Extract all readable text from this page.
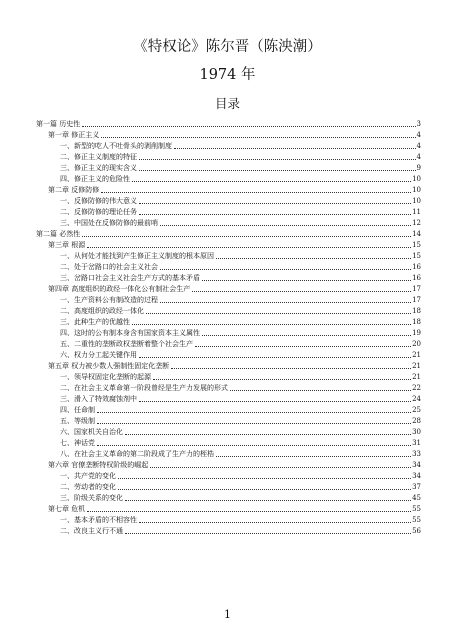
《特权论》陈尔晋（陈泱潮）
1974 年
目录
第一篇 历史性	3
第一章 修正主义	4
一、新型的吃人不吐骨头的剥削制度	4
二、修正主义制度的特征	4
三、修正主义的现实含义	9
四、修正主义的危险性	10
第二章 反修防修	10
一、反修防修的伟大意义	10
二、反修防修的理论任务	11
三、中国处在反修防修的最前哨	12
第二篇 必然性	14
第三章 根源	15
一、从何处才能找到产生修正主义制度的根本原因	15
二、处于岔路口的社会主义社会	16
三、岔路口社会主义社会生产方式的基本矛盾	16
第四章 高度组织的政经一体化公有制社会生产	17
一、生产资料公有制改造的过程	17
二、高度组织的政经一体化	18
三、此种生产的优越性	18
四、这时的公有制本身含有国家资本主义属性	19
五、二重性的垄断政权垄断着整个社会生产	20
六、权力分工起关键作用	21
第五章 权力被少数人强制性固定化垄断	21
一、领导权固定化垄断的起源	21
二、在社会主义革命第一阶段曾经是生产力发展的形式	22
三、滑入了特效腐蚀剂中	24
四、任命制	25
五、等级制	28
六、国家机关自治化	30
七、神话党	31
八、在社会主义革命的第二阶段成了生产力的桎梏	33
第六章 官僚垄断特权阶级的崛起	34
一、共产党的变化	34
二、劳动者的变化	37
三、阶级关系的变化	45
第七章 危机	55
一、基本矛盾的不相容性	55
二、改良主义行不通	56
1
